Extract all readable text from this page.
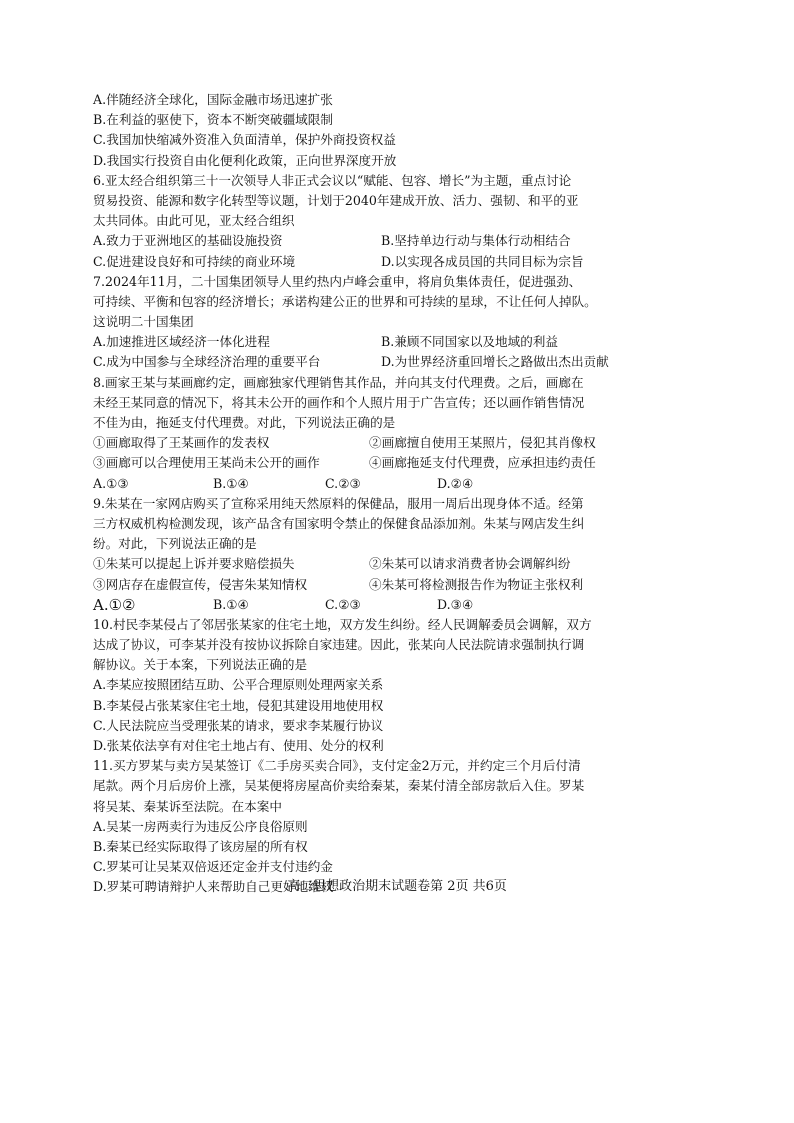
A.伴随经济全球化，国际金融市场迅速扩张
B.在利益的驱使下，资本不断突破疆域限制
C.我国加快缩减外资准入负面清单，保护外商投资权益
D.我国实行投资自由化便利化政策，正向世界深度开放
6.亚太经合组织第三十一次领导人非正式会议以“赋能、包容、增长”为主题，重点讨论
贸易投资、能源和数字化转型等议题，计划于2040年建成开放、活力、强韧、和平的亚
太共同体。由此可见，亚太经合组织
A.致力于亚洲地区的基础设施投资	B.坚持单边行动与集体行动相结合
C.促进建设良好和可持续的商业环境	D.以实现各成员国的共同目标为宗旨
7.2024年11月，二十国集团领导人里约热内卢峰会重申，将肩负集体责任，促进强劲、
可持续、平衡和包容的经济增长；承诺构建公正的世界和可持续的星球，不让任何人掉队。
这说明二十国集团
A.加速推进区域经济一体化进程	B.兼顾不同国家以及地域的利益
C.成为中国参与全球经济治理的重要平台	D.为世界经济重回增长之路做出杰出贡献
8.画家王某与某画廊约定，画廊独家代理销售其作品，并向其支付代理费。之后，画廊在
未经王某同意的情况下，将其未公开的画作和个人照片用于广告宣传；还以画作销售情况
不佳为由，拖延支付代理费。对此，下列说法正确的是
①画廊取得了王某画作的发表权	②画廊擅自使用王某照片，侵犯其肖像权
③画廊可以合理使用王某尚未公开的画作	④画廊拖延支付代理费，应承担违约责任
A.①③	B.①④	C.②③	D.②④
9.朱某在一家网店购买了宣称采用纯天然原料的保健品，服用一周后出现身体不适。经第
三方权威机构检测发现，该产品含有国家明令禁止的保健食品添加剂。朱某与网店发生纠
纷。对此，下列说法正确的是
①朱某可以提起上诉并要求赔偿损失	②朱某可以请求消费者协会调解纠纷
③网店存在虚假宣传，侵害朱某知情权	④朱某可将检测报告作为物证主张权利
A.①②	B.①④	C.②③	D.③④
10.村民李某侵占了邻居张某家的住宅土地，双方发生纠纷。经人民调解委员会调解，双方
达成了协议，可李某并没有按协议拆除自家违建。因此，张某向人民法院请求强制执行调
解协议。关于本案，下列说法正确的是
A.李某应按照团结互助、公平合理原则处理两家关系
B.李某侵占张某家住宅土地，侵犯其建设用地使用权
C.人民法院应当受理张某的请求，要求李某履行协议
D.张某依法享有对住宅土地占有、使用、处分的权利
11.买方罗某与卖方吴某签订《二手房买卖合同》，支付定金2万元，并约定三个月后付清
尾款。两个月后房价上涨，吴某便将房屋高价卖给秦某，秦某付清全部房款后入住。罗某
将吴某、秦某诉至法院。在本案中
A.吴某一房两卖行为违反公序良俗原则
B.秦某已经实际取得了该房屋的所有权
C.罗某可让吴某双倍返还定金并支付违约金
D.罗某可聘请辩护人来帮助自己更好地维权
高二思想政治期末试题卷第 2页 共6页
